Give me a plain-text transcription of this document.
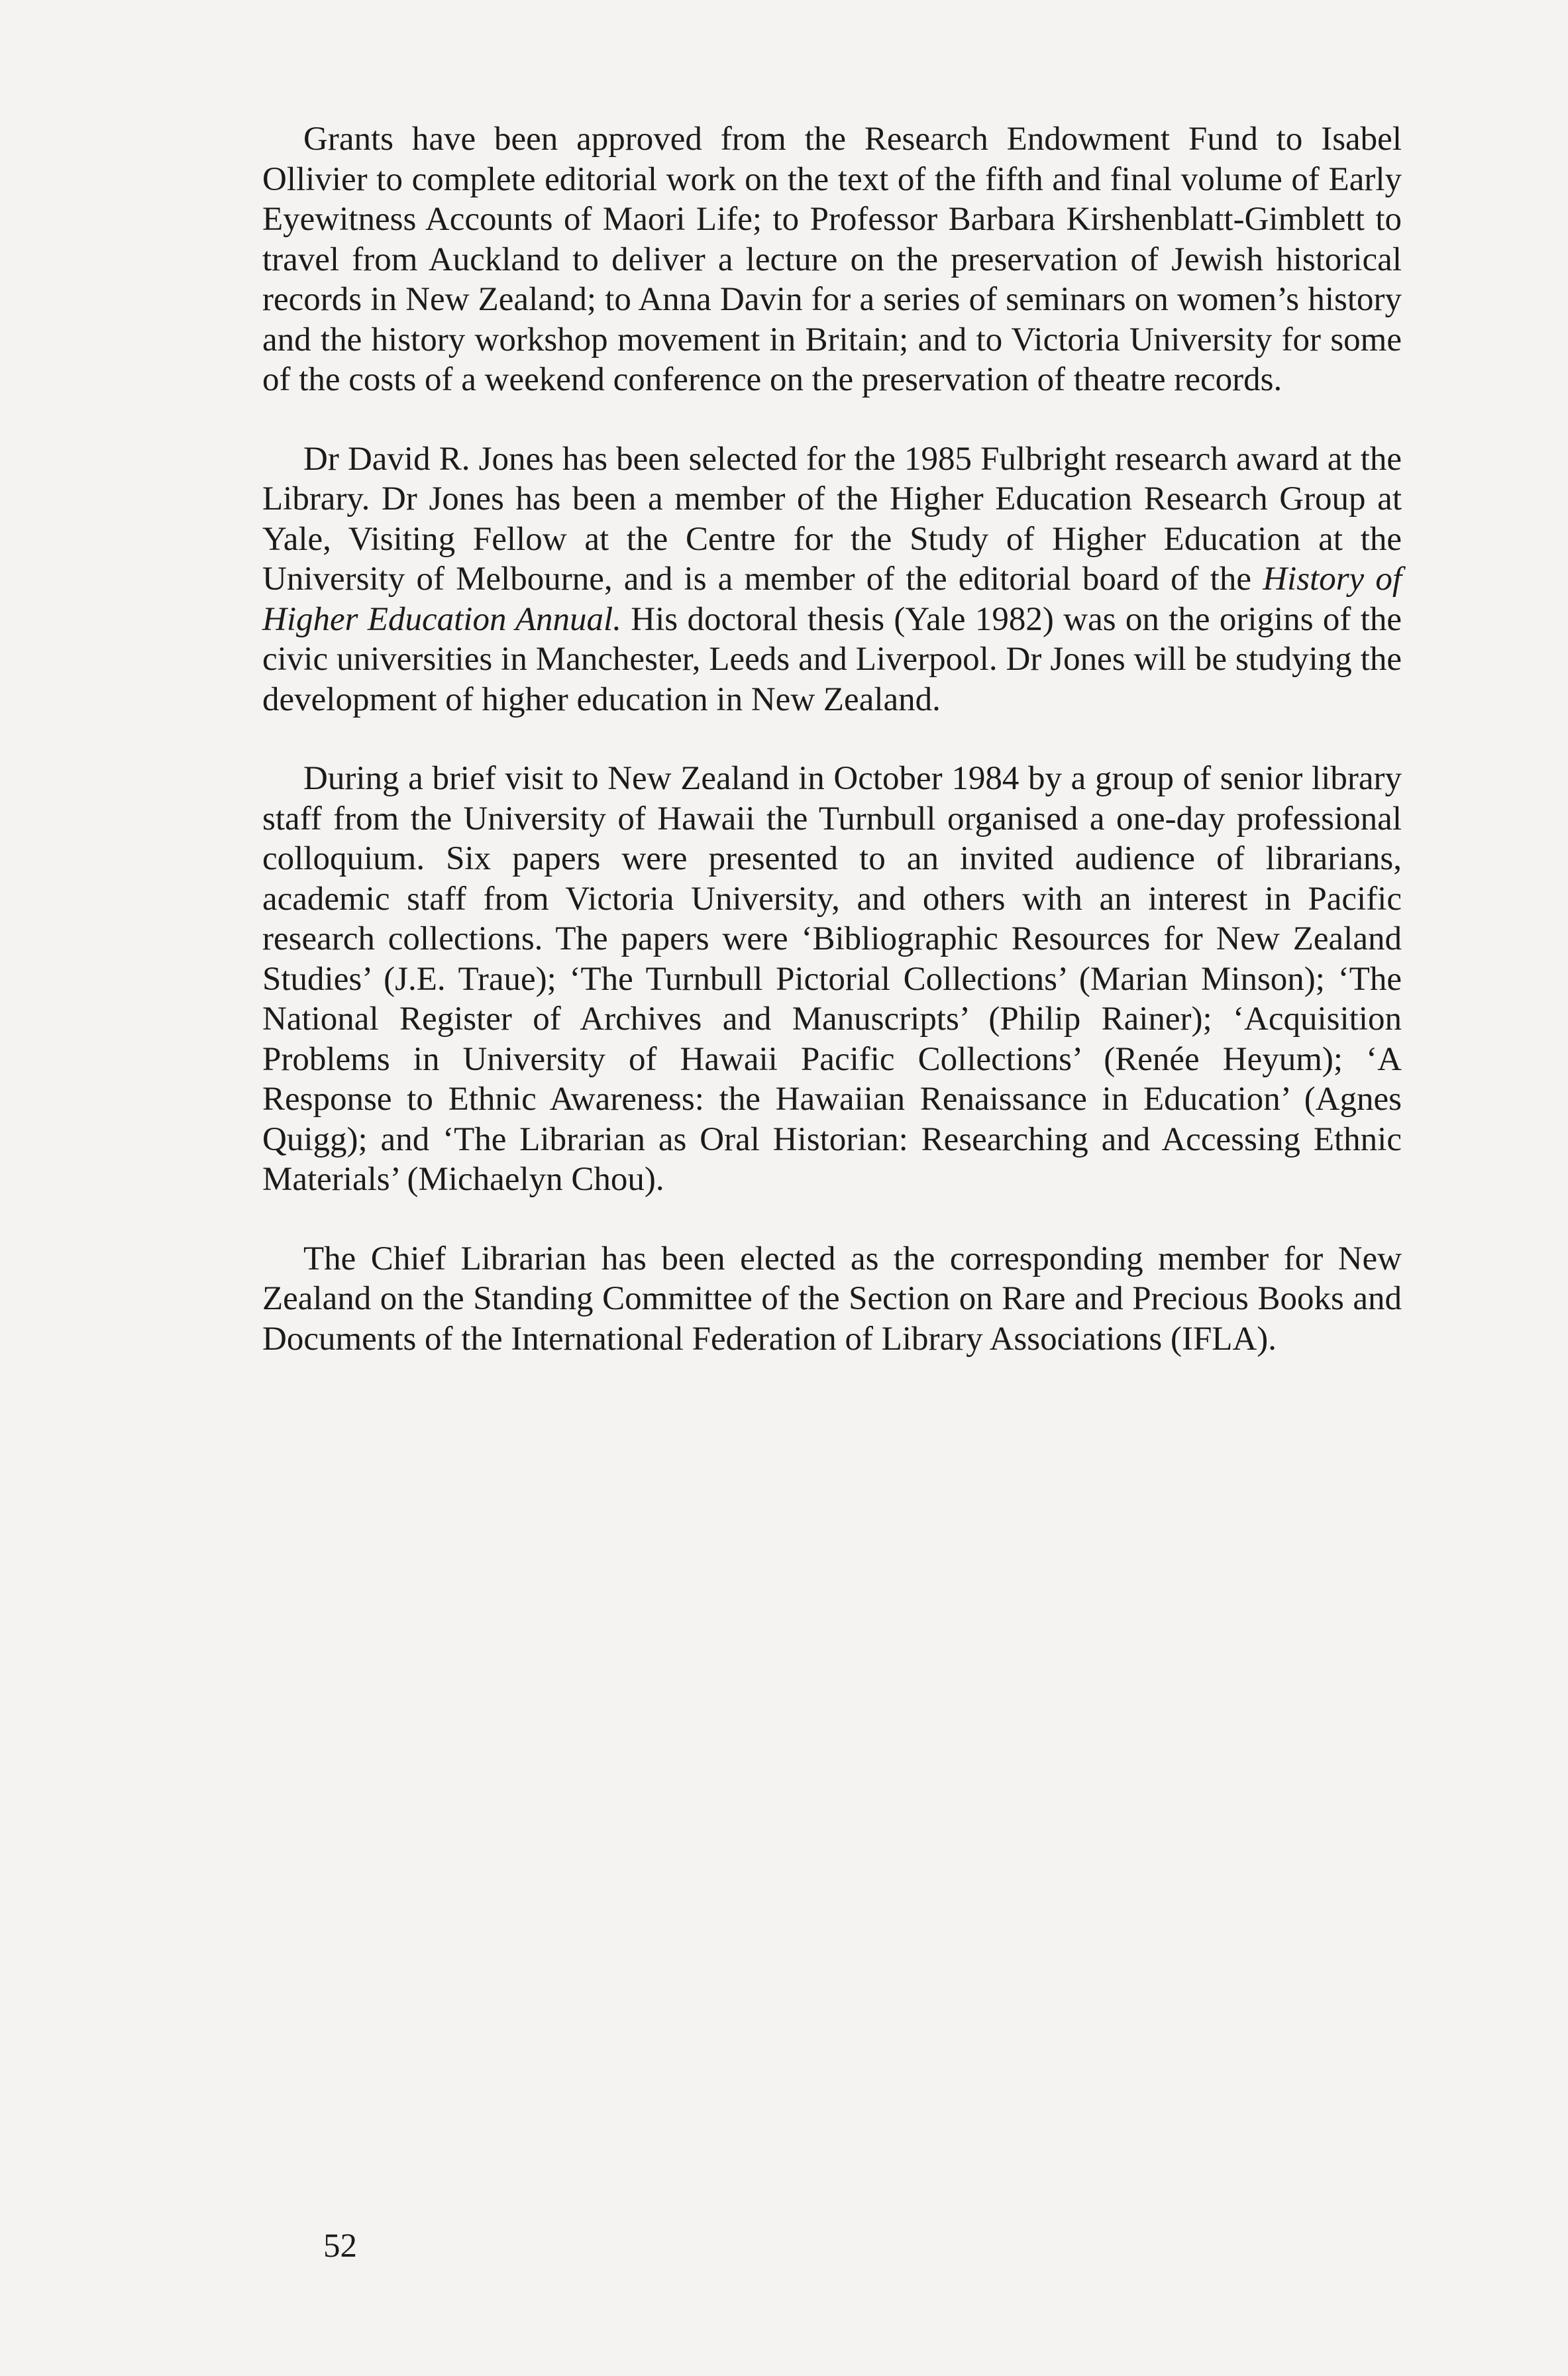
Grants have been approved from the Research Endowment Fund to Isabel Ollivier to complete editorial work on the text of the fifth and final volume of Early Eyewitness Accounts of Maori Life; to Professor Barbara Kirshenblatt-Gimblett to travel from Auckland to deliver a lecture on the preservation of Jewish historical records in New Zealand; to Anna Davin for a series of seminars on women’s history and the history workshop movement in Britain; and to Victoria University for some of the costs of a weekend conference on the preservation of theatre records.

Dr David R. Jones has been selected for the 1985 Fulbright research award at the Library. Dr Jones has been a member of the Higher Education Research Group at Yale, Visiting Fellow at the Centre for the Study of Higher Education at the University of Melbourne, and is a member of the editorial board of the History of Higher Education Annual. His doctoral thesis (Yale 1982) was on the origins of the civic universities in Manchester, Leeds and Liverpool. Dr Jones will be studying the development of higher education in New Zealand.

During a brief visit to New Zealand in October 1984 by a group of senior library staff from the University of Hawaii the Turnbull organised a one-day professional colloquium. Six papers were presented to an invited audience of librarians, academic staff from Victoria University, and others with an interest in Pacific research collections. The papers were ‘Bibliographic Resources for New Zealand Studies’ (J.E. Traue); ‘The Turnbull Pictorial Collections’ (Marian Minson); ‘The National Register of Archives and Manuscripts’ (Philip Rainer); ‘Acquisition Problems in University of Hawaii Pacific Collections’ (Renée Heyum); ‘A Response to Ethnic Awareness: the Hawaiian Renaissance in Education’ (Agnes Quigg); and ‘The Librarian as Oral Historian: Researching and Accessing Ethnic Materials’ (Michaelyn Chou).

The Chief Librarian has been elected as the corresponding member for New Zealand on the Standing Committee of the Section on Rare and Precious Books and Documents of the International Federation of Library Associations (IFLA).

52
